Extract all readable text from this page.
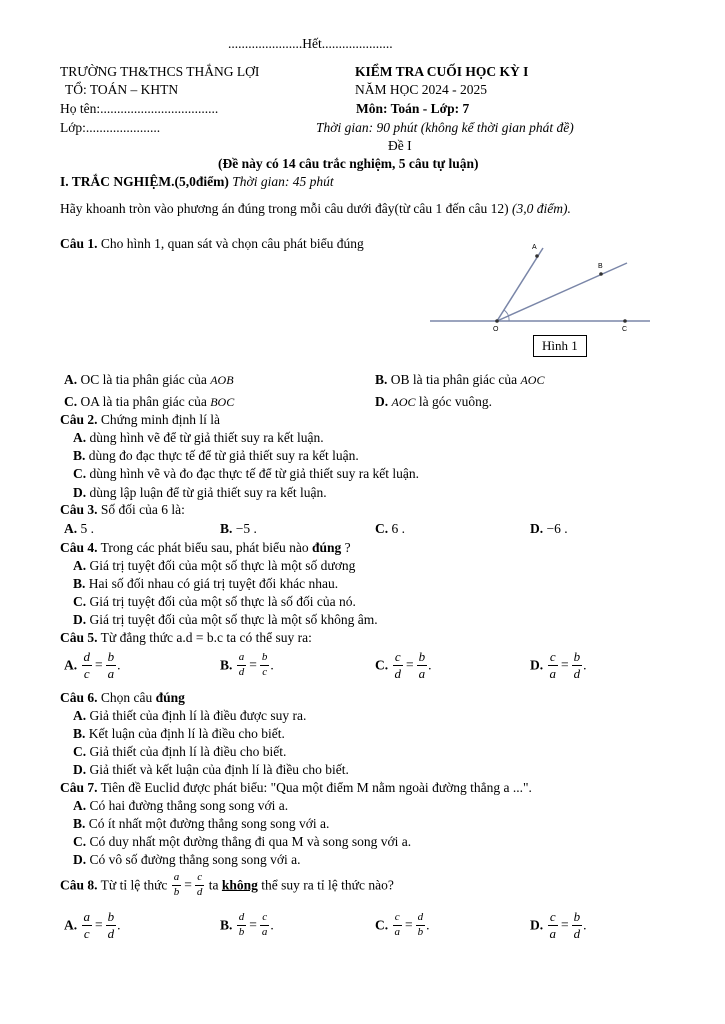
......................Hết.....................
TRƯỜNG TH&THCS THẮNG LỢI
TỔ: TOÁN – KHTN
Họ tên:...................................
Lớp:......................
KIỂM TRA CUỐI HỌC KỲ I
NĂM HỌC 2024 - 2025
Môn: Toán - Lớp: 7
Thời gian: 90 phút (không kể thời gian phát đề)
Đề I
(Đề này có 14 câu trắc nghiệm, 5 câu tự luận)
I. TRẮC NGHIỆM.(5,0điểm) Thời gian: 45 phút
Hãy khoanh tròn vào phương án đúng trong mỗi câu dưới đây(từ câu 1 đến câu 12) (3,0 điểm).
Câu 1. Cho hình 1, quan sát và chọn câu phát biểu đúng	A
B
O	C
Hình 1
A. OC là tia phân giác của AOB	B. OB là tia phân giác của AOC
C. OA là tia phân giác của BOC	D. AOC là góc vuông.
Câu 2. Chứng minh định lí là
A. dùng hình vẽ để từ giả thiết suy ra kết luận.
B. dùng đo đạc thực tế để từ giả thiết suy ra kết luận.
C. dùng hình vẽ và đo đạc thực tế để từ giả thiết suy ra kết luận.
D. dùng lập luận để từ giả thiết suy ra kết luận.
Câu 3. Số đối của 6 là:
A. 5 .	B. −5 .	C. 6 .	D. −6 .
Câu 4. Trong các phát biểu sau, phát biểu nào đúng ?
A. Giá trị tuyệt đối của một số thực là một số dương
B. Hai số đối nhau có giá trị tuyệt đối khác nhau.
C. Giá trị tuyệt đối của một số thực là số đối của nó.
D. Giá trị tuyệt đối của một số thực là một số không âm.
Câu 5. Từ đẳng thức a.d = b.c ta có thể suy ra:
A. $\frac{d}{c} = \frac{b}{a}$ .	B. $\frac{a}{d} = \frac{b}{c}$ .	C. $\frac{c}{d} = \frac{b}{a}$ .	D. $\frac{c}{a} = \frac{b}{d}$ .
Câu 6. Chọn câu đúng
A. Giả thiết của định lí là điều được suy ra.
B. Kết luận của định lí là điều cho biết.
C. Giả thiết của định lí là điều cho biết.
D. Giả thiết và kết luận của định lí là điều cho biết.
Câu 7. Tiên đề Euclid được phát biểu: "Qua một điểm M nằm ngoài đường thẳng a ...".
A. Có hai đường thẳng song song với a.
B. Có ít nhất một đường thẳng song song với a.
C. Có duy nhất một đường thẳng đi qua M và song song với a.
D. Có vô số đường thẳng song song với a.
Câu 8. Từ tỉ lệ thức $\frac{a}{b} = \frac{c}{d}$ ta không thể suy ra tỉ lệ thức nào?
A. $\frac{a}{c} = \frac{b}{d}$ .	B. $\frac{d}{b} = \frac{c}{a}$ .	C. $\frac{c}{a} = \frac{d}{b}$ .	D. $\frac{c}{a} = \frac{b}{d}$ .
